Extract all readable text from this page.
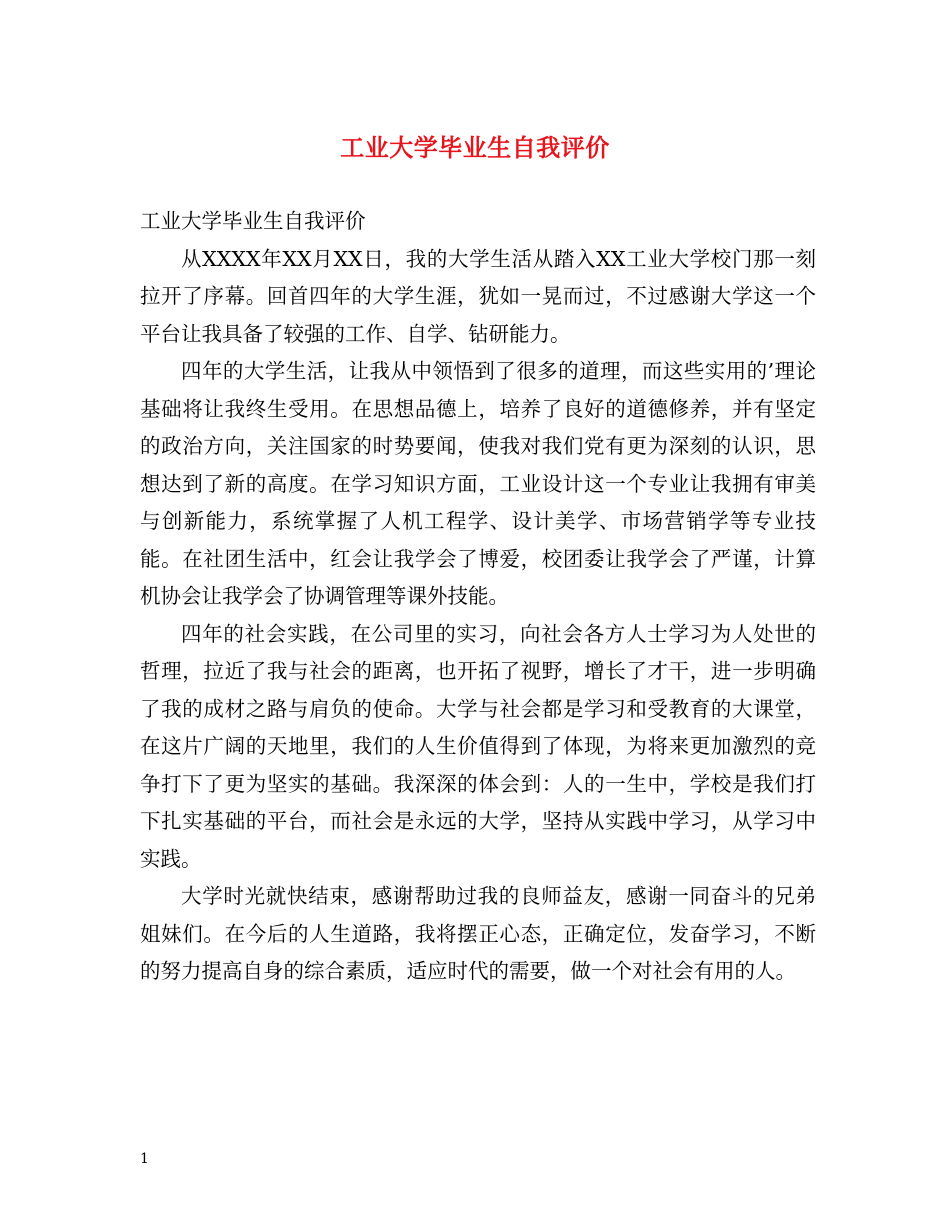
工业大学毕业生自我评价

工业大学毕业生自我评价

从XXXX年XX月XX日，我的大学生活从踏入XX工业大学校门那一刻拉开了序幕。回首四年的大学生涯，犹如一晃而过，不过感谢大学这一个平台让我具备了较强的工作、自学、钻研能力。

四年的大学生活，让我从中领悟到了很多的道理，而这些实用的’理论基础将让我终生受用。在思想品德上，培养了良好的道德修养，并有坚定的政治方向，关注国家的时势要闻，使我对我们党有更为深刻的认识，思想达到了新的高度。在学习知识方面，工业设计这一个专业让我拥有审美与创新能力，系统掌握了人机工程学、设计美学、市场营销学等专业技能。在社团生活中，红会让我学会了博爱，校团委让我学会了严谨，计算机协会让我学会了协调管理等课外技能。

四年的社会实践，在公司里的实习，向社会各方人士学习为人处世的哲理，拉近了我与社会的距离，也开拓了视野，增长了才干，进一步明确了我的成材之路与肩负的使命。大学与社会都是学习和受教育的大课堂，在这片广阔的天地里，我们的人生价值得到了体现，为将来更加激烈的竞争打下了更为坚实的基础。我深深的体会到：人的一生中，学校是我们打下扎实基础的平台，而社会是永远的大学，坚持从实践中学习，从学习中实践。

大学时光就快结束，感谢帮助过我的良师益友，感谢一同奋斗的兄弟姐妹们。在今后的人生道路，我将摆正心态，正确定位，发奋学习，不断的努力提高自身的综合素质，适应时代的需要，做一个对社会有用的人。

1
